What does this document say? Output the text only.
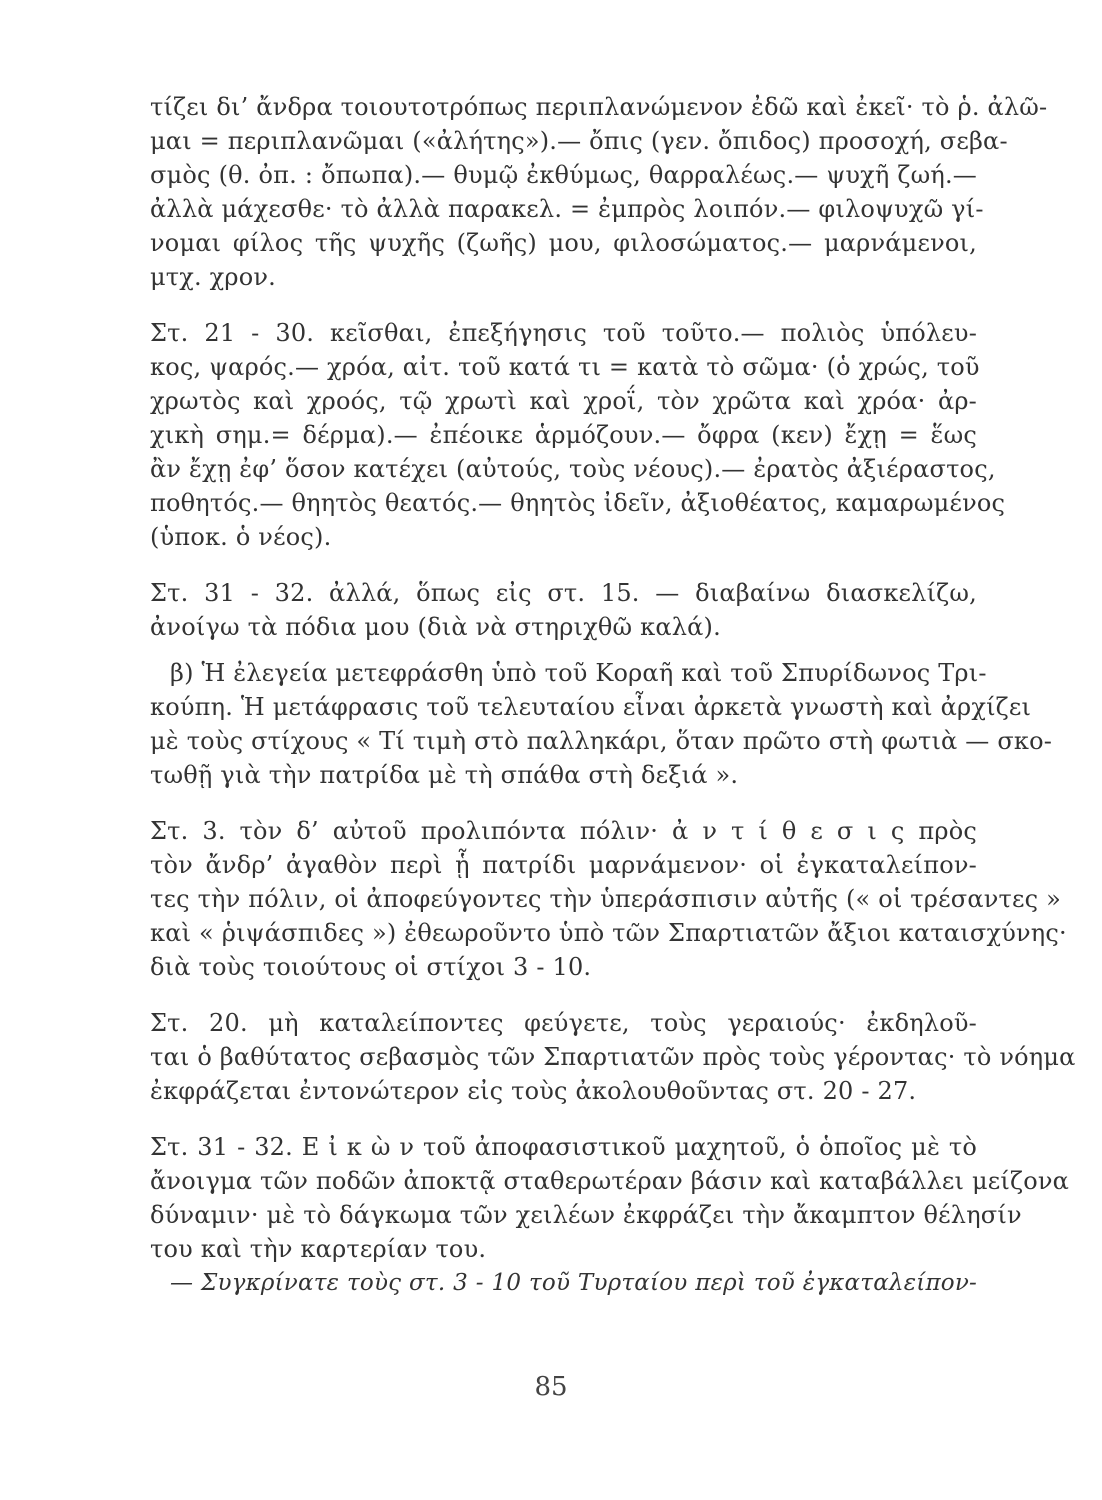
τίζει δι’ ἄνδρα τοιουτοτρόπως περιπλανώμενον ἐδῶ καὶ ἐκεῖ· τὸ ῥ. ἀλῶ-
μαι = περιπλανῶμαι («ἀλήτης»).— ὄπις (γεν. ὄπιδος) προσοχή, σεβα-
σμὸς (θ. ὀπ. : ὄπωπα).— θυμῷ ἐκθύμως, θαρραλέως.— ψυχῆ ζωή.—
ἀλλὰ μάχεσθε· τὸ ἀλλὰ παρακελ. = ἐμπρὸς λοιπόν.— φιλοψυχῶ γί-
νομαι φίλος τῆς ψυχῆς (ζωῆς) μου, φιλοσώματος.— μαρνάμενοι,
μτχ. χρον.
Στ. 21 - 30. κεῖσθαι, ἐπεξήγησις τοῦ τοῦτο.— πολιὸς ὑπόλευ-
κος, ψαρός.— χρόα, αἰτ. τοῦ κατά τι = κατὰ τὸ σῶμα· (ὁ χρώς, τοῦ
χρωτὸς καὶ χροός, τῷ χρωτὶ καὶ χροΐ, τὸν χρῶτα καὶ χρόα· ἀρ-
χικὴ σημ.= δέρμα).— ἐπέοικε ἁρμόζουν.— ὄφρα (κεν) ἔχῃ = ἕως
ἂν ἔχῃ ἐφ’ ὅσον κατέχει (αὐτούς, τοὺς νέους).— ἐρατὸς ἀξιέραστος,
ποθητός.— θηητὸς θεατός.— θηητὸς ἰδεῖν, ἀξιοθέατος, καμαρωμένος
(ὑποκ. ὁ νέος).
Στ. 31 - 32. ἀλλά, ὅπως εἰς στ. 15. — διαβαίνω διασκελίζω,
ἀνοίγω τὰ πόδια μου (διὰ νὰ στηριχθῶ καλά).
β) Ἡ ἐλεγεία μετεφράσθη ὑπὸ τοῦ Κοραῆ καὶ τοῦ Σπυρίδωνος Τρι-
κούπη. Ἡ μετάφρασις τοῦ τελευταίου εἶναι ἀρκετὰ γνωστὴ καὶ ἀρχίζει
μὲ τοὺς στίχους « Τί τιμὴ στὸ παλληκάρι, ὅταν πρῶτο στὴ φωτιὰ — σκο-
τωθῇ γιὰ τὴν πατρίδα μὲ τὴ σπάθα στὴ δεξιά ».
Στ. 3. τὸν δ’ αὐτοῦ προλιπόντα πόλιν· ἀ ν τ ί θ ε σ ι ς πρὸς
τὸν ἄνδρ’ ἀγαθὸν περὶ ᾗ πατρίδι μαρνάμενον· οἱ ἐγκαταλείπον-
τες τὴν πόλιν, οἱ ἀποφεύγοντες τὴν ὑπεράσπισιν αὐτῆς (« οἱ τρέσαντες »
καὶ « ῥιψάσπιδες ») ἐθεωροῦντο ὑπὸ τῶν Σπαρτιατῶν ἄξιοι καταισχύνης·
διὰ τοὺς τοιούτους οἱ στίχοι 3 - 10.
Στ. 20. μὴ καταλείποντες φεύγετε, τοὺς γεραιούς· ἐκδηλοῦ-
ται ὁ βαθύτατος σεβασμὸς τῶν Σπαρτιατῶν πρὸς τοὺς γέροντας· τὸ νόημα
ἐκφράζεται ἐντονώτερον εἰς τοὺς ἀκολουθοῦντας στ. 20 - 27.
Στ. 31 - 32. Ε ἰ κ ὼ ν τοῦ ἀποφασιστικοῦ μαχητοῦ, ὁ ὁποῖος μὲ τὸ
ἄνοιγμα τῶν ποδῶν ἀποκτᾷ σταθερωτέραν βάσιν καὶ καταβάλλει μείζονα
δύναμιν· μὲ τὸ δάγκωμα τῶν χειλέων ἐκφράζει τὴν ἄκαμπτον θέλησίν
του καὶ τὴν καρτερίαν του.
— Συγκρίνατε τοὺς στ. 3 - 10 τοῦ Τυρταίου περὶ τοῦ ἐγκαταλείπον-
85
